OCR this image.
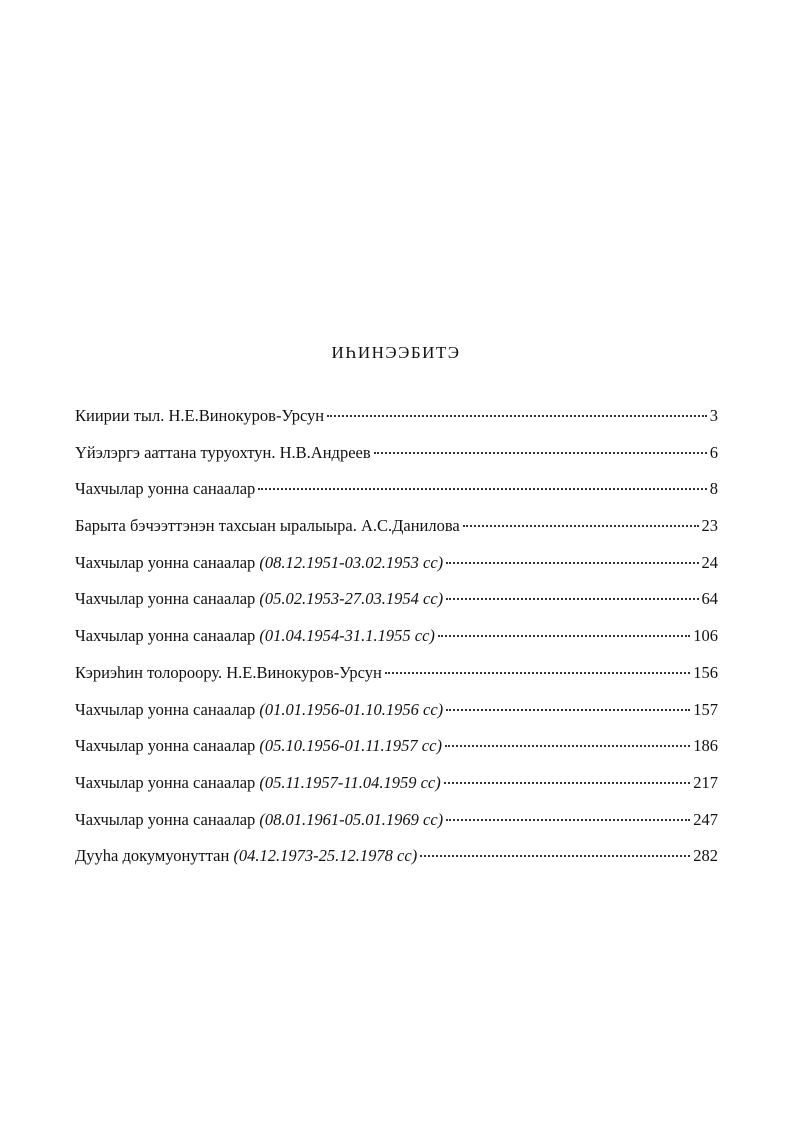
ИҺИНЭЭБИТЭ
Киирии тыл. Н.Е.Винокуров-Урсун	3
Үйэлэргэ ааттана туруохтун. Н.В.Андреев	6
Чахчылар уонна санаалар	8
Барыта бэчээттэнэн тахсыан ыралыыра. А.С.Данилова	23
Чахчылар уонна санаалар (08.12.1951-03.02.1953 сс)	24
Чахчылар уонна санаалар (05.02.1953-27.03.1954 сс)	64
Чахчылар уонна санаалар (01.04.1954-31.1.1955 сс)	106
Кэриэһин толороору. Н.Е.Винокуров-Урсун	156
Чахчылар уонна санаалар (01.01.1956-01.10.1956 сс)	157
Чахчылар уонна санаалар (05.10.1956-01.11.1957 сс)	186
Чахчылар уонна санаалар (05.11.1957-11.04.1959 сс)	217
Чахчылар уонна санаалар (08.01.1961-05.01.1969 сс)	247
Дууһа докумуонуттан (04.12.1973-25.12.1978 сс)	282
